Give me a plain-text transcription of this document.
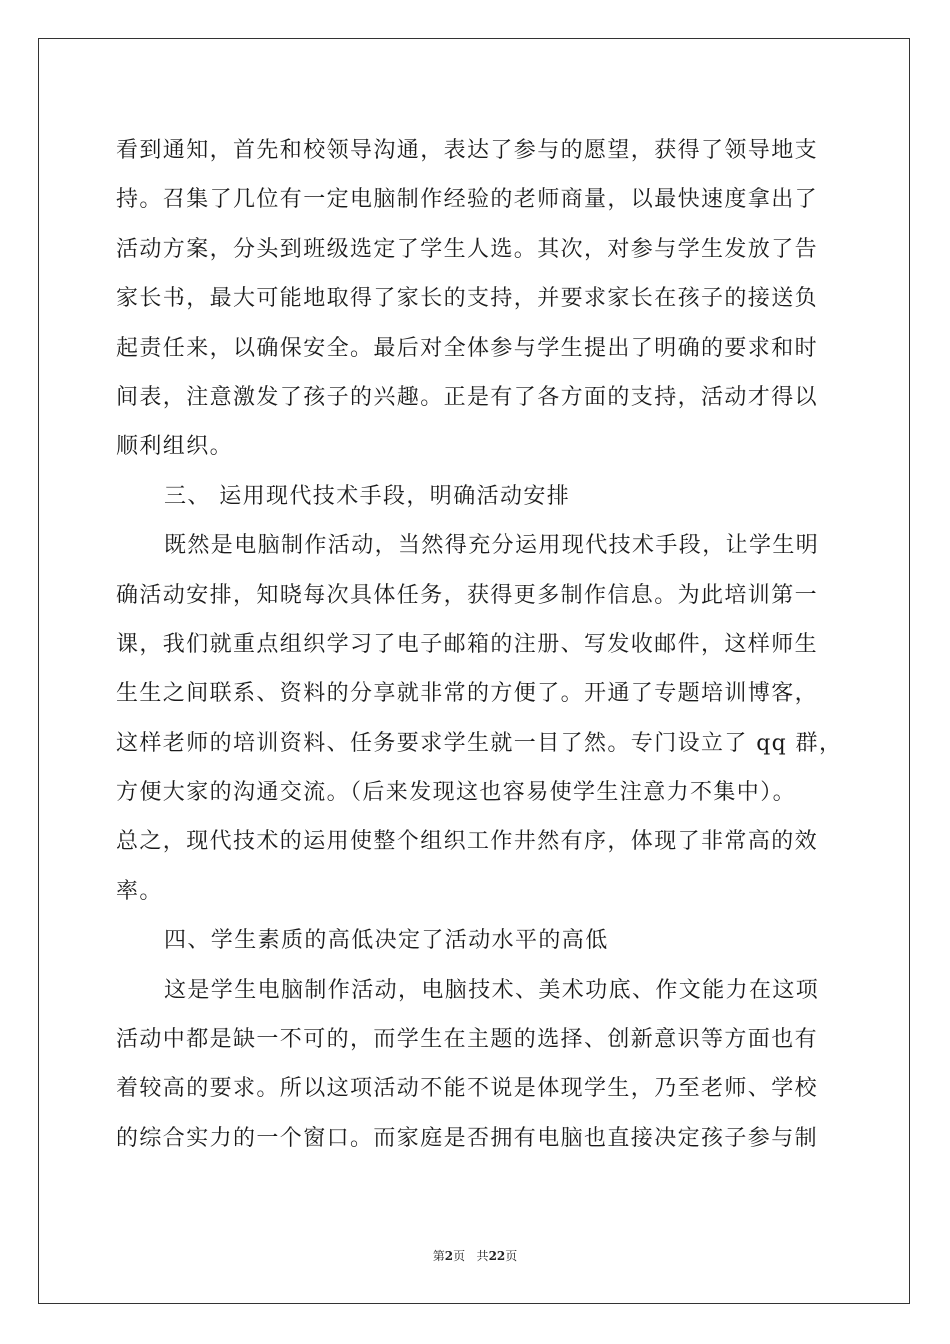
看到通知，首先和校领导沟通，表达了参与的愿望，获得了领导地支
持。召集了几位有一定电脑制作经验的老师商量，以最快速度拿出了
活动方案，分头到班级选定了学生人选。其次，对参与学生发放了告
家长书，最大可能地取得了家长的支持，并要求家长在孩子的接送负
起责任来，以确保安全。最后对全体参与学生提出了明确的要求和时
间表，注意激发了孩子的兴趣。正是有了各方面的支持，活动才得以
顺利组织。
三、 运用现代技术手段，明确活动安排
既然是电脑制作活动，当然得充分运用现代技术手段，让学生明
确活动安排，知晓每次具体任务，获得更多制作信息。为此培训第一
课，我们就重点组织学习了电子邮箱的注册、写发收邮件，这样师生
生生之间联系、资料的分享就非常的方便了。开通了专题培训博客，
这样老师的培训资料、任务要求学生就一目了然。专门设立了 qq 群，
方便大家的沟通交流。（后来发现这也容易使学生注意力不集中）。
总之，现代技术的运用使整个组织工作井然有序，体现了非常高的效
率。
四、学生素质的高低决定了活动水平的高低
这是学生电脑制作活动，电脑技术、美术功底、作文能力在这项
活动中都是缺一不可的，而学生在主题的选择、创新意识等方面也有
着较高的要求。所以这项活动不能不说是体现学生，乃至老师、学校
的综合实力的一个窗口。而家庭是否拥有电脑也直接决定孩子参与制
第2页 共22页
